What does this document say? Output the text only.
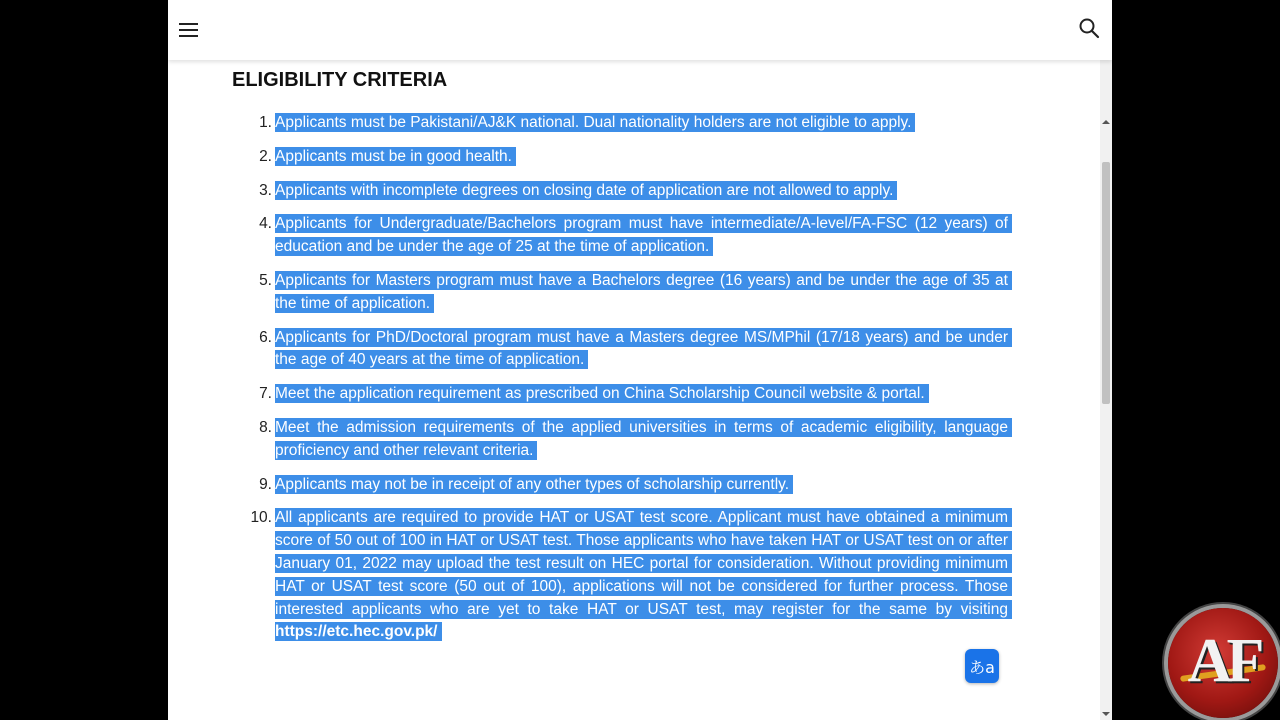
ELIGIBILITY CRITERIA
1. Applicants must be Pakistani/AJ&K national. Dual nationality holders are not eligible to apply.
2. Applicants must be in good health.
3. Applicants with incomplete degrees on closing date of application are not allowed to apply.
4. Applicants for Undergraduate/Bachelors program must have intermediate/A-level/FA-FSC (12 years) of education and be under the age of 25 at the time of application.
5. Applicants for Masters program must have a Bachelors degree (16 years) and be under the age of 35 at the time of application.
6. Applicants for PhD/Doctoral program must have a Masters degree MS/MPhil (17/18 years) and be under the age of 40 years at the time of application.
7. Meet the application requirement as prescribed on China Scholarship Council website & portal.
8. Meet the admission requirements of the applied universities in terms of academic eligibility, language proficiency and other relevant criteria.
9. Applicants may not be in receipt of any other types of scholarship currently.
10. All applicants are required to provide HAT or USAT test score. Applicant must have obtained a minimum score of 50 out of 100 in HAT or USAT test. Those applicants who have taken HAT or USAT test on or after January 01, 2022 may upload the test result on HEC portal for consideration. Without providing minimum HAT or USAT test score (50 out of 100), applications will not be considered for further process. Those interested applicants who are yet to take HAT or USAT test, may register for the same by visiting https://etc.hec.gov.pk/
あa	AF
